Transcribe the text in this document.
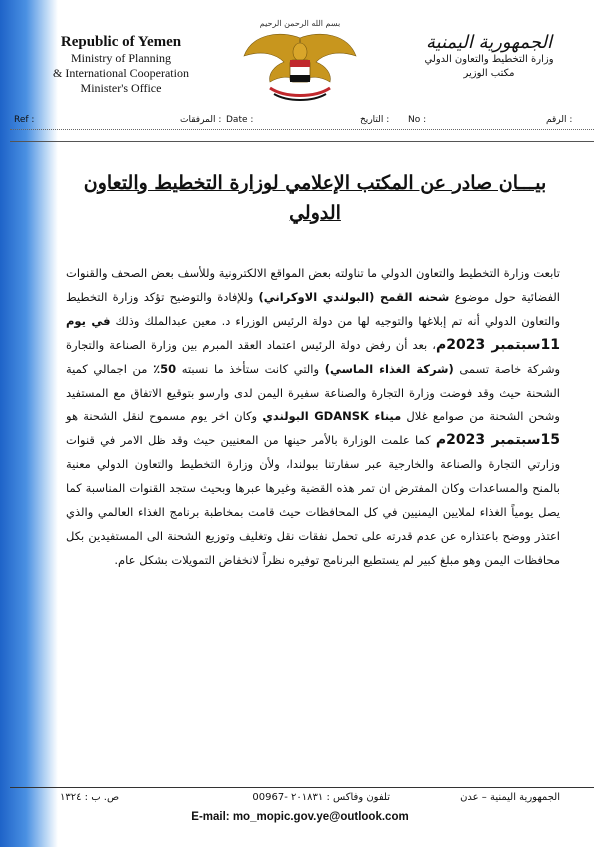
Republic of Yemen
Ministry of Planning
& International Cooperation
Minister's Office
بسم الله الرحمن الرحيم
الجمهورية اليمنية
وزارة التخطيط والتعاون الدولي
مكتب الوزير
Ref :	المرفقات : Date :	التاريخ : No :	الرقم :
بيـــان صادر عن المكتب الإعلامي لوزارة التخطيط والتعاون الدولي

تابعت وزارة التخطيط والتعاون الدولي ما تناولته بعض المواقع الالكترونية وللأسف بعض الصحف والقنوات الفضائية حول موضوع شحنه القمح (البولندي الاوكراني) وللإفادة والتوضيح تؤكد وزارة التخطيط والتعاون الدولي أنه تم إبلاغها والتوجيه لها من دولة الرئيس الوزراء د. معين عبدالملك وذلك في يوم 11سبتمبر 2023م، بعد أن رفض دولة الرئيس اعتماد العقد المبرم بين وزارة الصناعة والتجارة وشركة خاصة تسمى (شركة الغذاء الماسي) والتي كانت ستأخذ ما نسبته 50٪ من اجمالي كمية الشحنة حيث وقد فوضت وزارة التجارة والصناعة سفيرة اليمن لدى وارسو بتوقيع الاتفاق مع المستفيد وشحن الشحنة من صوامع غلال ميناء GDANSK البولندي وكان اخر يوم مسموح لنقل الشحنة هو 15سبتمبر 2023م كما علمت الوزارة بالأمر حينها من المعنيين حيث وقد ظل الامر في قنوات وزارتي التجارة والصناعة والخارجية عبر سفارتنا ببولندا، ولأن وزارة التخطيط والتعاون الدولي معنية بالمنح والمساعدات وكان المفترض ان تمر هذه القضية وغيرها عبرها وبحيث ستجد القنوات المناسبة كما يصل يومياً الغذاء لملايين اليمنيين في كل المحافظات حيث قامت بمخاطبة برنامج الغذاء العالمي والذي اعتذر ووضح باعتذاره عن عدم قدرته على تحمل نفقات نقل وتغليف وتوزيع الشحنة الى المستفيدين بكل محافظات اليمن وهو مبلغ كبير لم يستطيع البرنامج توفيره نظراً لانخفاض التمويلات بشكل عام.

الجمهورية اليمنية – عدن
تلفون وفاكس : ٢٠١٨٣١ -00967
ص. ب : ١٣٢٤
E-mail: mo_mopic.gov.ye@outlook.com
